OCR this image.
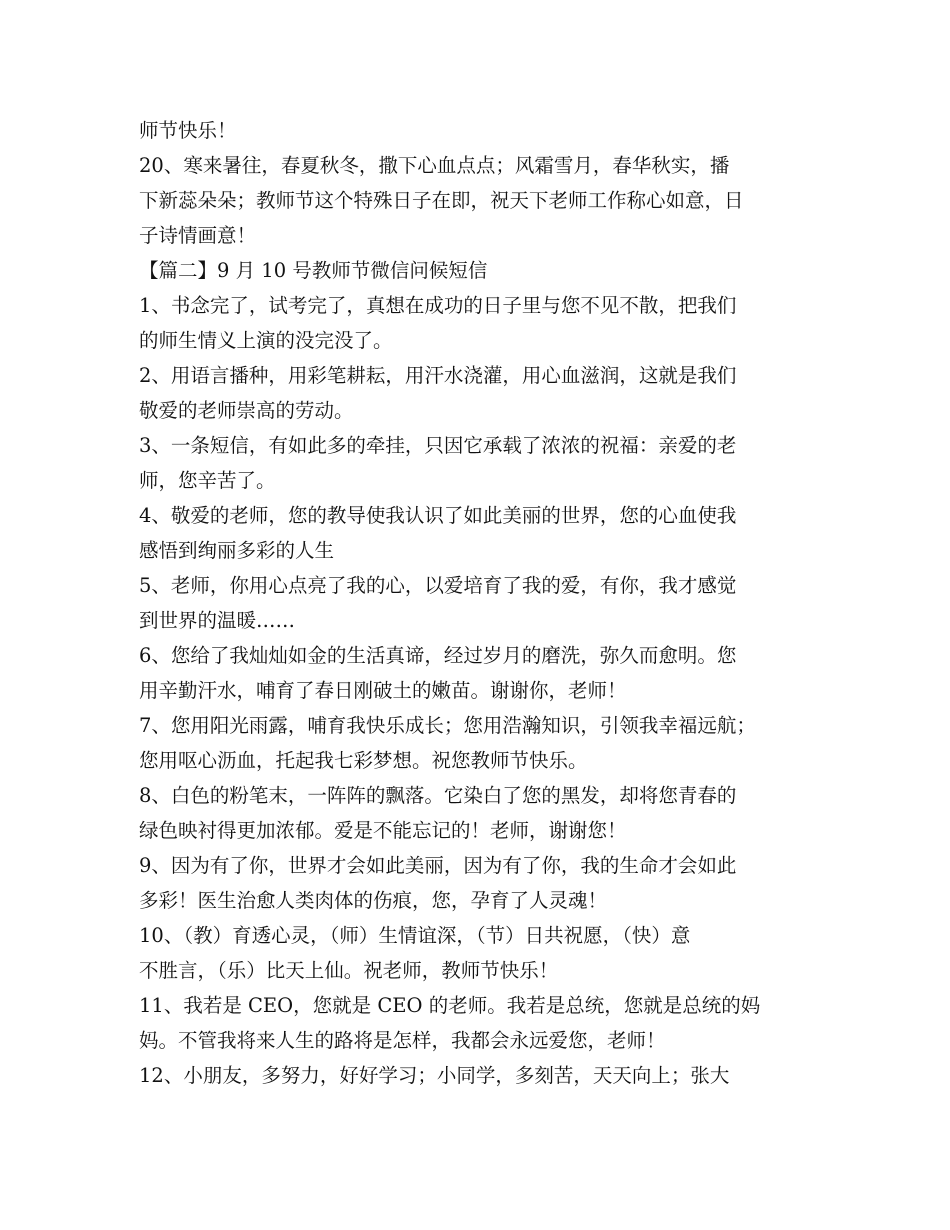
师节快乐！
20、寒来暑往，春夏秋冬，撒下心血点点；风霜雪月，春华秋实，播
下新蕊朵朵；教师节这个特殊日子在即，祝天下老师工作称心如意，日
子诗情画意！
【篇二】9 月 10 号教师节微信问候短信
1、书念完了，试考完了，真想在成功的日子里与您不见不散，把我们
的师生情义上演的没完没了。
2、用语言播种，用彩笔耕耘，用汗水浇灌，用心血滋润，这就是我们
敬爱的老师崇高的劳动。
3、一条短信，有如此多的牵挂，只因它承载了浓浓的祝福：亲爱的老
师，您辛苦了。
4、敬爱的老师，您的教导使我认识了如此美丽的世界，您的心血使我
感悟到绚丽多彩的人生
5、老师，你用心点亮了我的心，以爱培育了我的爱，有你，我才感觉
到世界的温暖……
6、您给了我灿灿如金的生活真谛，经过岁月的磨洗，弥久而愈明。您
用辛勤汗水，哺育了春日刚破土的嫩苗。谢谢你，老师！
7、您用阳光雨露，哺育我快乐成长；您用浩瀚知识，引领我幸福远航；
您用呕心沥血，托起我七彩梦想。祝您教师节快乐。
8、白色的粉笔末，一阵阵的飘落。它染白了您的黑发，却将您青春的
绿色映衬得更加浓郁。爱是不能忘记的！老师，谢谢您！
9、因为有了你，世界才会如此美丽，因为有了你，我的生命才会如此
多彩！医生治愈人类肉体的伤痕，您，孕育了人灵魂！
10、（教）育透心灵，（师）生情谊深，（节）日共祝愿，（快）意
不胜言，（乐）比天上仙。祝老师，教师节快乐！
11、我若是 CEO，您就是 CEO 的老师。我若是总统，您就是总统的妈
妈。不管我将来人生的路将是怎样，我都会永远爱您，老师！
12、小朋友，多努力，好好学习；小同学，多刻苦，天天向上；张大
